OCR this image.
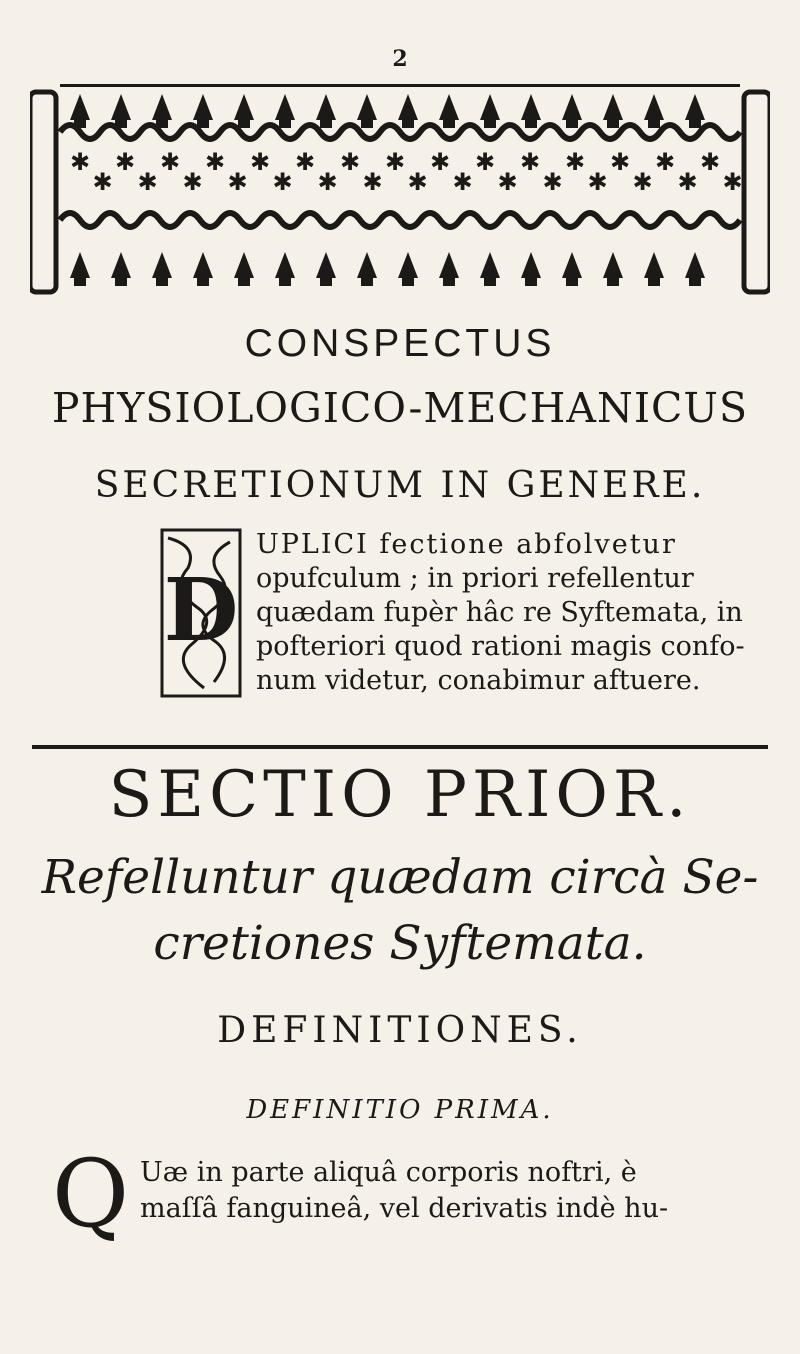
2
✱
✱
✱
✱
✱
✱
✱
✱
✱
✱
✱
✱
✱
✱
✱
✱
✱
✱
✱
✱
✱
✱
✱
✱
✱
✱
✱
✱
✱
✱
CONSPECTUS
PHYSIOLOGICO-MECHANICUS
SECRETIONUM IN GENERE.
D
UPLICI fectione abfolvetur
opufculum ; in priori refellentur
quædam fupèr hâc re Syftemata, in
pofteriori quod rationi magis confo-
num videtur, conabimur aftuere.
SECTIO PRIOR.
Refelluntur quædam circà Se-
cretiones Syftemata.
DEFINITIONES.
DEFINITIO PRIMA.
Q Uæ in parte aliquâ corporis noftri, è
maſſâ fanguineâ, vel derivatis indè hu-
